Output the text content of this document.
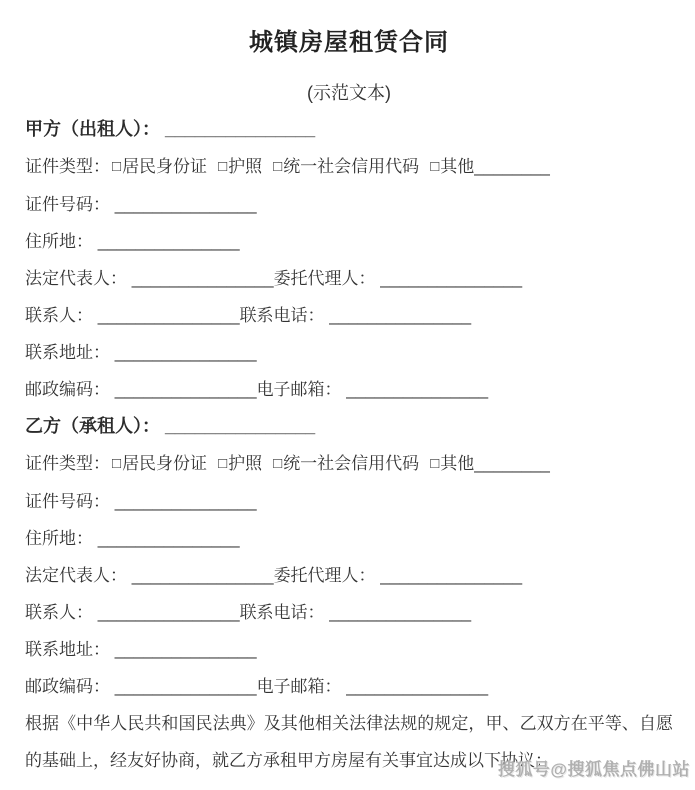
城镇房屋租赁合同

(示范文本)

甲方（出租人）： _______________

证件类型： □居民身份证 □护照 □统一社会信用代码 □其他________

证件号码： _______________

住所地： _______________

法定代表人： _______________委托代理人： _______________

联系人： _______________联系电话： _______________

联系地址： _______________

邮政编码： _______________电子邮箱： _______________

乙方（承租人）： _______________

证件类型： □居民身份证 □护照 □统一社会信用代码 □其他________

证件号码： _______________

住所地： _______________

法定代表人： _______________委托代理人： _______________

联系人： _______________联系电话： _______________

联系地址： _______________

邮政编码： _______________电子邮箱： _______________

根据《中华人民共和国民法典》及其他相关法律法规的规定，甲、乙双方在平等、自愿的基础上，经友好协商，就乙方承租甲方房屋有关事宜达成以下协议：

搜狐号@搜狐焦点佛山站
